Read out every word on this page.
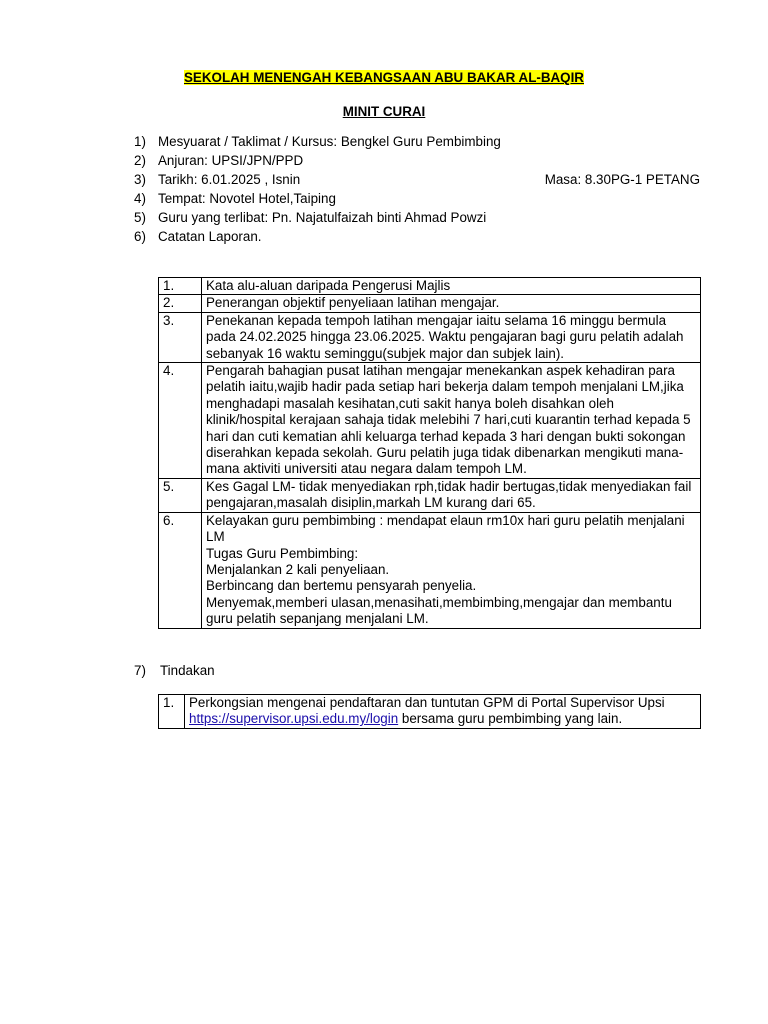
SEKOLAH MENENGAH KEBANGSAAN ABU BAKAR AL-BAQIR
MINIT CURAI
1) Mesyuarat / Taklimat / Kursus: Bengkel Guru Pembimbing
2) Anjuran: UPSI/JPN/PPD
3) Tarikh: 6.01.2025 , Isnin	Masa: 8.30PG-1 PETANG
4) Tempat: Novotel Hotel,Taiping
5) Guru yang terlibat: Pn. Najatulfaizah binti Ahmad Powzi
6) Catatan Laporan.
1.	Kata alu-aluan daripada Pengerusi Majlis
2.	Penerangan objektif penyeliaan latihan mengajar.
3.	Penekanan kepada tempoh latihan mengajar iaitu selama 16 minggu bermula pada 24.02.2025 hingga 23.06.2025. Waktu pengajaran bagi guru pelatih adalah sebanyak 16 waktu seminggu(subjek major dan subjek lain).
4.	Pengarah bahagian pusat latihan mengajar menekankan aspek kehadiran para pelatih iaitu,wajib hadir pada setiap hari bekerja dalam tempoh menjalani LM,jika menghadapi masalah kesihatan,cuti sakit hanya boleh disahkan oleh klinik/hospital kerajaan sahaja tidak melebihi 7 hari,cuti kuarantin terhad kepada 5 hari dan cuti kematian ahli keluarga terhad kepada 3 hari dengan bukti sokongan diserahkan kepada sekolah. Guru pelatih juga tidak dibenarkan mengikuti mana-mana aktiviti universiti atau negara dalam tempoh LM.
5.	Kes Gagal LM- tidak menyediakan rph,tidak hadir bertugas,tidak menyediakan fail pengajaran,masalah disiplin,markah LM kurang dari 65.
6.	Kelayakan guru pembimbing : mendapat elaun rm10x hari guru pelatih menjalani LM
Tugas Guru Pembimbing:
Menjalankan 2 kali penyeliaan.
Berbincang dan bertemu pensyarah penyelia.
Menyemak,memberi ulasan,menasihati,membimbing,mengajar dan membantu guru pelatih sepanjang menjalani LM.
7) Tindakan
1.	Perkongsian mengenai pendaftaran dan tuntutan GPM di Portal Supervisor Upsi https://supervisor.upsi.edu.my/login bersama guru pembimbing yang lain.
